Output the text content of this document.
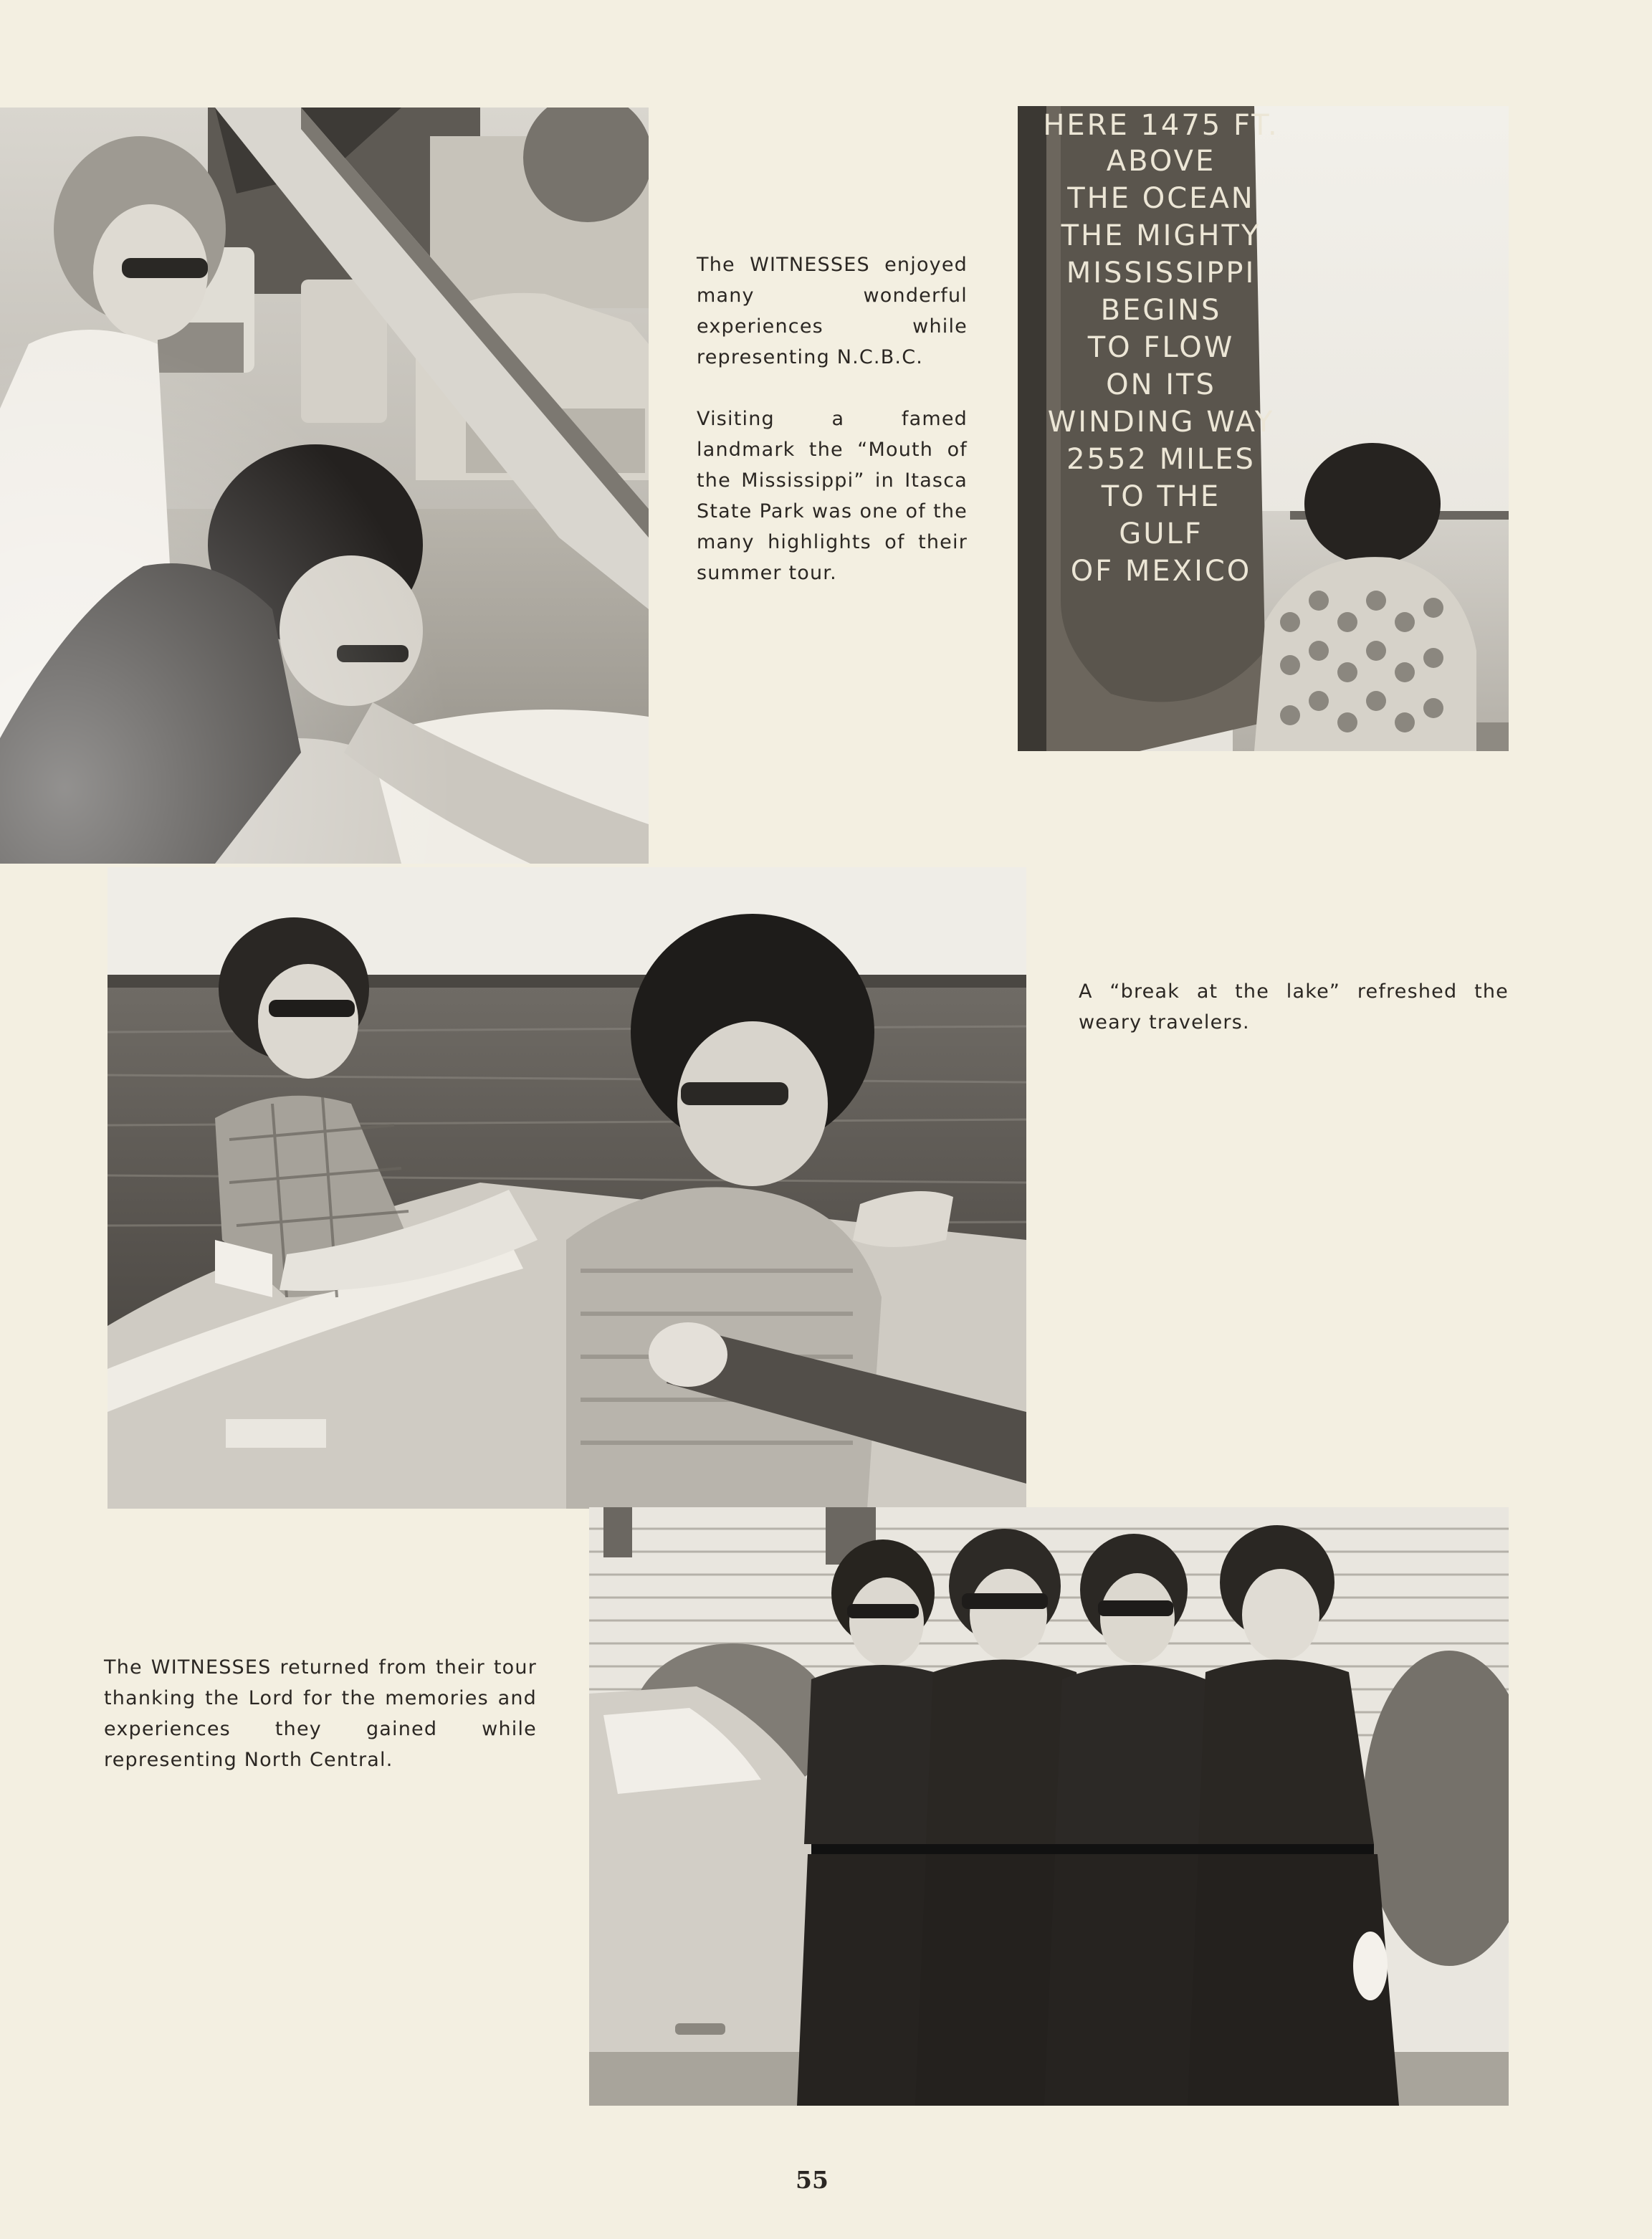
The WITNESSES enjoyed many wonderful experiences while representing N.C.B.C.

Visiting a famed landmark the “Mouth of the Mississippi” in Itasca State Park was one of the many highlights of their summer tour.

HERE 1475 FT.
ABOVE
THE OCEAN
THE MIGHTY
MISSISSIPPI
BEGINS
TO FLOW
ON ITS
WINDING WAY
2552 MILES
TO THE
GULF
OF MEXICO

A “break at the lake” refreshed the weary travelers.

The WITNESSES returned from their tour thanking the Lord for the memories and experiences they gained while representing North Central.

55
